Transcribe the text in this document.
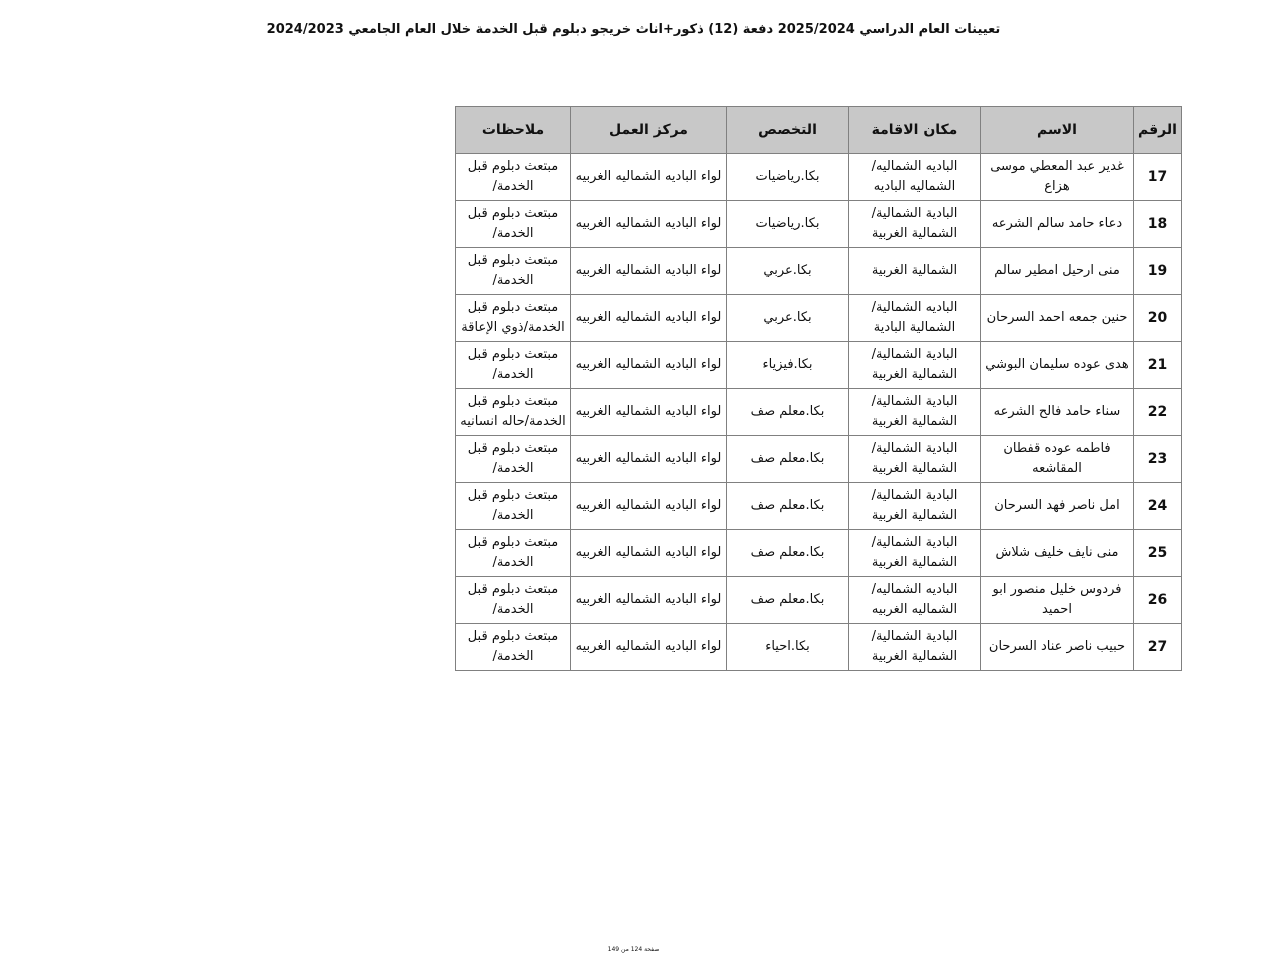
تعيينات العام الدراسي 2025/2024 دفعة (12) ذكور+اناث خريجو دبلوم قبل الخدمة خلال العام الجامعي 2024/2023
الرقم	الاسم	مكان الاقامة	التخصص	مركز العمل	ملاحظات
17	غدير عبد المعطي موسى هزاع	الباديه الشماليه/الشماليه الباديه	بكا.رياضيات	لواء الباديه الشماليه الغربيه	مبتعث دبلوم قبل الخدمة/
18	دعاء حامد سالم الشرعه	البادية الشمالية/الشمالية الغربية	بكا.رياضيات	لواء الباديه الشماليه الغربيه	مبتعث دبلوم قبل الخدمة/
19	منى ارحيل امطير سالم	الشمالية الغربية	بكا.عربي	لواء الباديه الشماليه الغربيه	مبتعث دبلوم قبل الخدمة/
20	حنين جمعه احمد السرحان	الباديه الشمالية/الشمالية البادية	بكا.عربي	لواء الباديه الشماليه الغربيه	مبتعث دبلوم قبل الخدمة/ذوي الإعاقة
21	هدى عوده سليمان البوشي	البادية الشمالية/الشمالية الغربية	بكا.فيزياء	لواء الباديه الشماليه الغربيه	مبتعث دبلوم قبل الخدمة/
22	سناء حامد فالح الشرعه	البادية الشمالية/الشمالية الغربية	بكا.معلم صف	لواء الباديه الشماليه الغربيه	مبتعث دبلوم قبل الخدمة/حاله انسانيه
23	فاطمه عوده قفطان المقاشعه	البادية الشمالية/الشمالية الغربية	بكا.معلم صف	لواء الباديه الشماليه الغربيه	مبتعث دبلوم قبل الخدمة/
24	امل ناصر فهد السرحان	البادية الشمالية/الشمالية الغربية	بكا.معلم صف	لواء الباديه الشماليه الغربيه	مبتعث دبلوم قبل الخدمة/
25	منى نايف خليف شلاش	البادية الشمالية/الشمالية الغربية	بكا.معلم صف	لواء الباديه الشماليه الغربيه	مبتعث دبلوم قبل الخدمة/
26	فردوس خليل منصور ابو احميد	الباديه الشماليه/الشماليه الغربيه	بكا.معلم صف	لواء الباديه الشماليه الغربيه	مبتعث دبلوم قبل الخدمة/
27	حبيب ناصر عناد السرحان	البادية الشمالية/الشمالية الغربية	بكا.احياء	لواء الباديه الشماليه الغربيه	مبتعث دبلوم قبل الخدمة/
صفحة 124 من 149
